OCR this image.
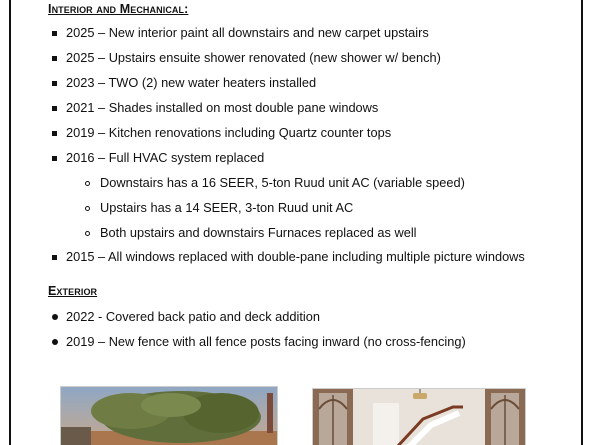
Interior and Mechanical:
2025 – New interior paint all downstairs and new carpet upstairs
2025 – Upstairs ensuite shower renovated (new shower w/ bench)
2023 – TWO (2) new water heaters installed
2021 – Shades installed on most double pane windows
2019 – Kitchen renovations including Quartz counter tops
2016 – Full HVAC system replaced
Downstairs has a 16 SEER, 5-ton Ruud unit AC (variable speed)
Upstairs has a 14 SEER, 3-ton Ruud unit AC
Both upstairs and downstairs Furnaces replaced as well
2015 – All windows replaced with double-pane including multiple picture windows
Exterior
2022 - Covered back patio and deck addition
2019 – New fence with all fence posts facing inward (no cross-fencing)
